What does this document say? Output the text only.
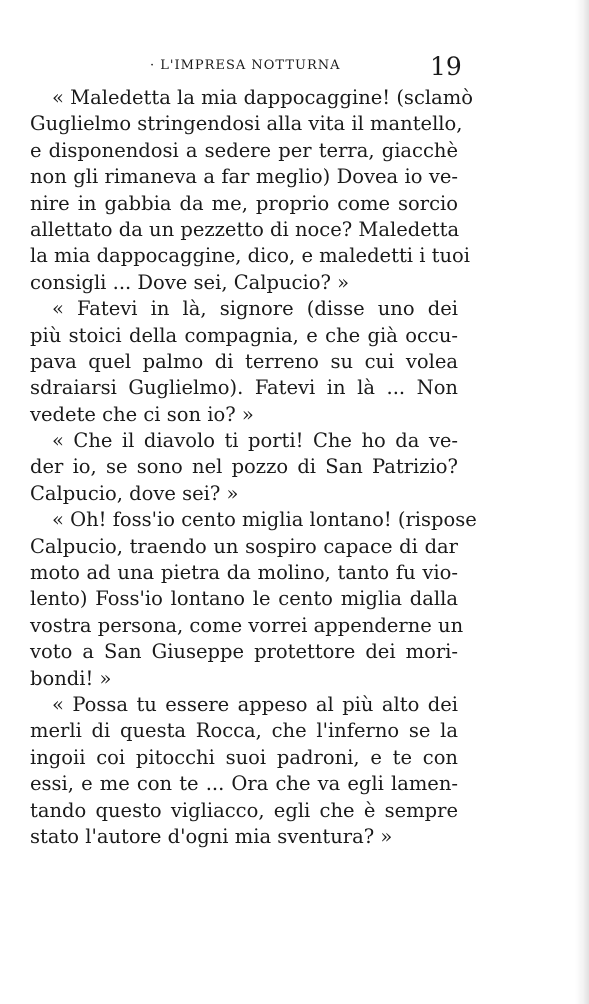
· L'IMPRESA NOTTURNA	19
« Maledetta la mia dappocaggine! (sclamò
Guglielmo stringendosi alla vita il mantello,
e disponendosi a sedere per terra, giacchè
non gli rimaneva a far meglio) Dovea io ve-
nire in gabbia da me, proprio come sorcio
allettato da un pezzetto di noce? Maledetta
la mia dappocaggine, dico, e maledetti i tuoi
consigli ... Dove sei, Calpucio? »
« Fatevi in là, signore (disse uno dei
più stoici della compagnia, e che già occu-
pava quel palmo di terreno su cui volea
sdraiarsi Guglielmo). Fatevi in là ... Non
vedete che ci son io? »
« Che il diavolo ti porti! Che ho da ve-
der io, se sono nel pozzo di San Patrizio?
Calpucio, dove sei? »
« Oh! foss'io cento miglia lontano! (rispose
Calpucio, traendo un sospiro capace di dar
moto ad una pietra da molino, tanto fu vio-
lento) Foss'io lontano le cento miglia dalla
vostra persona, come vorrei appenderne un
voto a San Giuseppe protettore dei mori-
bondi! »
« Possa tu essere appeso al più alto dei
merli di questa Rocca, che l'inferno se la
ingoii coi pitocchi suoi padroni, e te con
essi, e me con te ... Ora che va egli lamen-
tando questo vigliacco, egli che è sempre
stato l'autore d'ogni mia sventura? »
